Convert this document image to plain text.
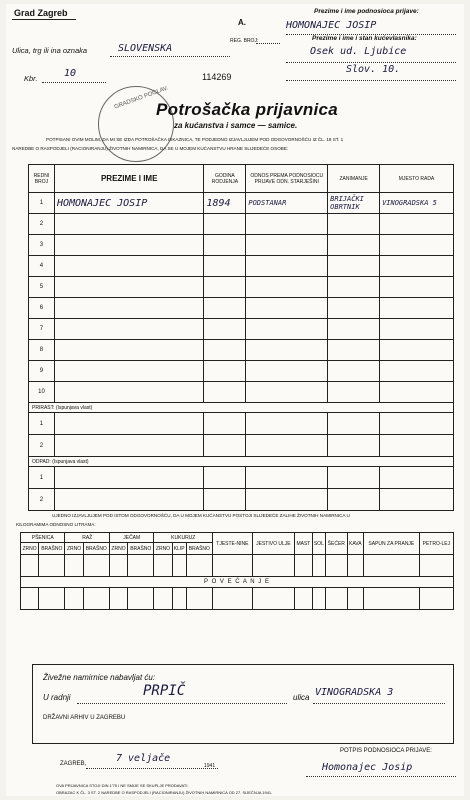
Grad Zagreb
A.
REG. BROJ:
Ulica, trg ili ina oznaka	SLOVENSKA
Kbr.	10	114269
Prezime i ime podnosioca prijave:
HOMONAJEC JOSIP
Prezime i ime i stan kućevlasnika:
Osek ud. Ljubice
Slov. 10.
GRADSKO POGLAV.
Potrošačka prijavnica
za kućanstva i samce — samice.
POTPISANI OVIM MOLIM, DA MI SE IZDA POTROŠAČKA ISKAZNICA, TE PODJEDNO IZJAVLJUJEM POD ODGOVORNOŠĆU IZ ČL. 18 ST. 1
NAREDBE O RASPODJELI (RACIONIRANJU) ŽIVOTNIH NAMIRNICA, DA SE U MOJEM KUĆANSTVU HRANE SLIJEDEĆE OSOBE:
REDNI BROJ	PREZIME I IME	GODINA RODJENJA	ODNOS PREMA PODNOSIOCU PRIJAVE ODN. STARJEŠINI	ZANIMANJE	MJESTO RADA
1	HOMONAJEC JOSIP	1894	PODSTANAR	BRIJAČKI OBRTNIK	VINOGRADSKA 5
2					
3					
4					
5					
6					
7					
8					
9					
10					
PRIRAST: (Ispunjava vlast)					
1					
2					
ODPAD: (Ispunjava vlast)					
1					
2					
UJEDNO IZJAVLJUJEM POD ISTOM ODGOVORNOŠĆU, DA U MOJEM KUĆANSTVU POSTOJI SLIJEDEĆE ZALIHE ŽIVOTNIH NAMIRNICA U
KILOGRAMIMA ODNOSNO LITRAMA:
PŠENICA		RAŽ		JEČAM		KUKURUZ			TJESTE-NINE	JESTIVO ULJE	MAST	SOL	ŠEĆER	KAVA	SAPUN ZA PRANJE	PETRO-LEJ
ZRNO	BRAŠNO	ZRNO	BRAŠNO	ZRNO	BRAŠNO	ZRNO	KLIP	BRAŠNO								

P O V E Ć A N J E																

Živežne namirnice nabavljat ću:
U radnji	PRPIČ	ulica VINOGRADSKA 3
DRŽAVNI ARHIV U ZAGREBU
ZAGREB,	7 veljače
1941
POTPIS PODNOSIOCA PRIJAVE:
Homonajec Josip
OVA PRIJAVNICA STOJI DIN 1'75 I NE SMIJE SE SKUPLJE PRODAVATI.
OBRAZAC K ČL. 3 ST. 2 NAREDBE O RASPODJELI (RACIONIRANJU) ŽIVOTNIH NAMIRNICA OD 27. SIJEČNJA 1941.
